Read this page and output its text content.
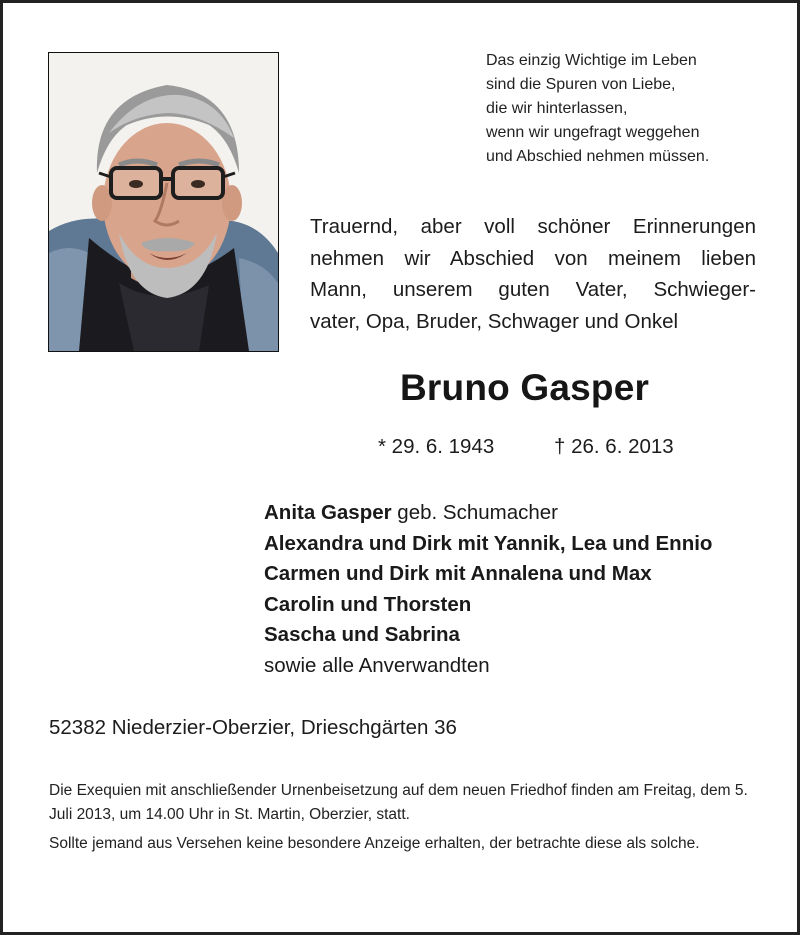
Das einzig Wichtige im Leben
sind die Spuren von Liebe,
die wir hinterlassen,
wenn wir ungefragt weggehen
und Abschied nehmen müssen.
Trauernd, aber voll schöner Erinnerungen
nehmen wir Abschied von meinem lieben
Mann, unserem guten Vater, Schwieger-
vater, Opa, Bruder, Schwager und Onkel
Bruno Gasper
* 29. 6. 1943	† 26. 6. 2013
Anita Gasper geb. Schumacher
Alexandra und Dirk mit Yannik, Lea und Ennio
Carmen und Dirk mit Annalena und Max
Carolin und Thorsten
Sascha und Sabrina
sowie alle Anverwandten
52382 Niederzier-Oberzier, Drieschgärten 36

Die Exequien mit anschließender Urnenbeisetzung auf dem neuen Friedhof finden am Freitag, dem 5. Juli 2013, um 14.00 Uhr in St. Martin, Oberzier, statt.

Sollte jemand aus Versehen keine besondere Anzeige erhalten, der betrachte diese als solche.
